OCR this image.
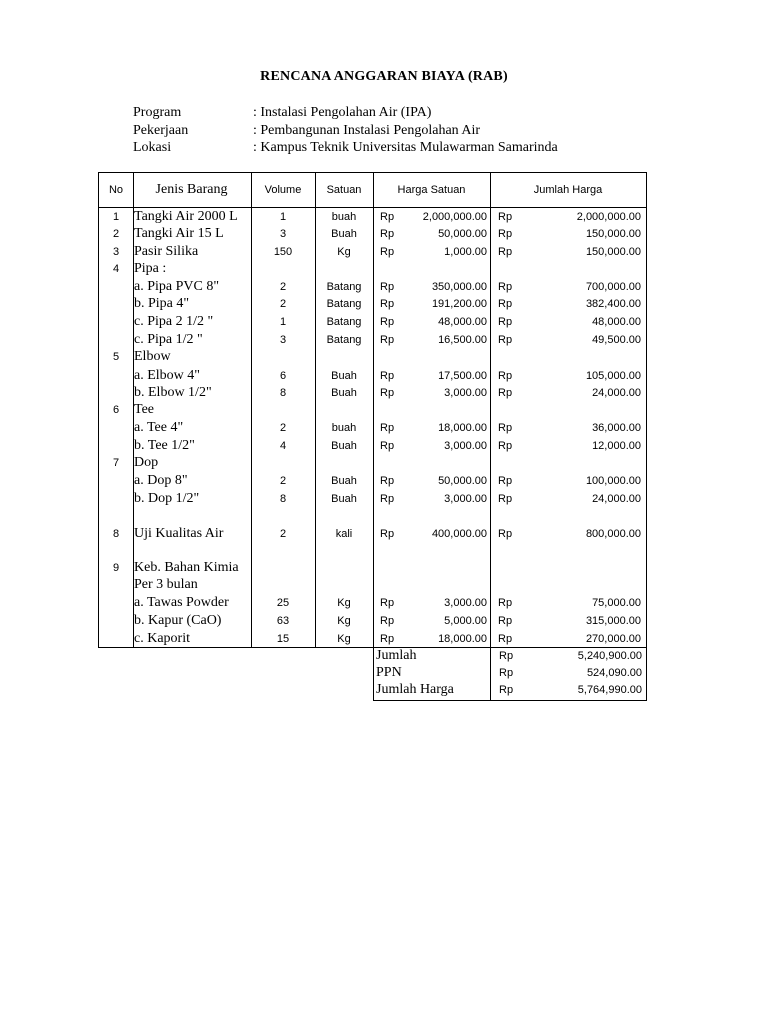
RENCANA ANGGARAN BIAYA (RAB)
Program	: Instalasi Pengolahan Air (IPA)
Pekerjaan	: Pembangunan Instalasi Pengolahan Air
Lokasi	: Kampus Teknik Universitas Mulawarman Samarinda
No	Jenis Barang	Volume	Satuan	Harga Satuan	Jumlah Harga
1	Tangki Air 2000 L	1	buah	Rp	2,000,000.00 Rp	2,000,000.00
2	Tangki Air 15 L	3	Buah	Rp	50,000.00 Rp	150,000.00
3	Pasir Silika	150	Kg	Rp	1,000.00 Rp	150,000.00
4	Pipa :
a. Pipa PVC 8"	2	Batang	Rp	350,000.00 Rp	700,000.00
b. Pipa 4"	2	Batang	Rp	191,200.00 Rp	382,400.00
c. Pipa 2 1/2 "	1	Batang	Rp	48,000.00 Rp	48,000.00
c. Pipa 1/2 "	3	Batang	Rp	16,500.00 Rp	49,500.00
5	Elbow
a. Elbow 4"	6	Buah	Rp	17,500.00 Rp	105,000.00
b. Elbow 1/2"	8	Buah	Rp	3,000.00 Rp	24,000.00
6	Tee
a. Tee 4"	2	buah	Rp	18,000.00 Rp	36,000.00
b. Tee 1/2"	4	Buah	Rp	3,000.00 Rp	12,000.00
7	Dop
a. Dop 8"	2	Buah	Rp	50,000.00 Rp	100,000.00
b. Dop 1/2"	8	Buah	Rp	3,000.00 Rp	24,000.00
8	Uji Kualitas Air	2	kali	Rp	400,000.00 Rp	800,000.00
9	Keb. Bahan Kimia
Per 3 bulan
a. Tawas Powder	25	Kg	Rp	3,000.00 Rp	75,000.00
b. Kapur (CaO)	63	Kg	Rp	5,000.00 Rp	315,000.00
c. Kaporit	15	Kg	Rp	18,000.00 Rp	270,000.00
Jumlah	Rp	5,240,900.00
PPN	Rp	524,090.00
Jumlah Harga	Rp	5,764,990.00
